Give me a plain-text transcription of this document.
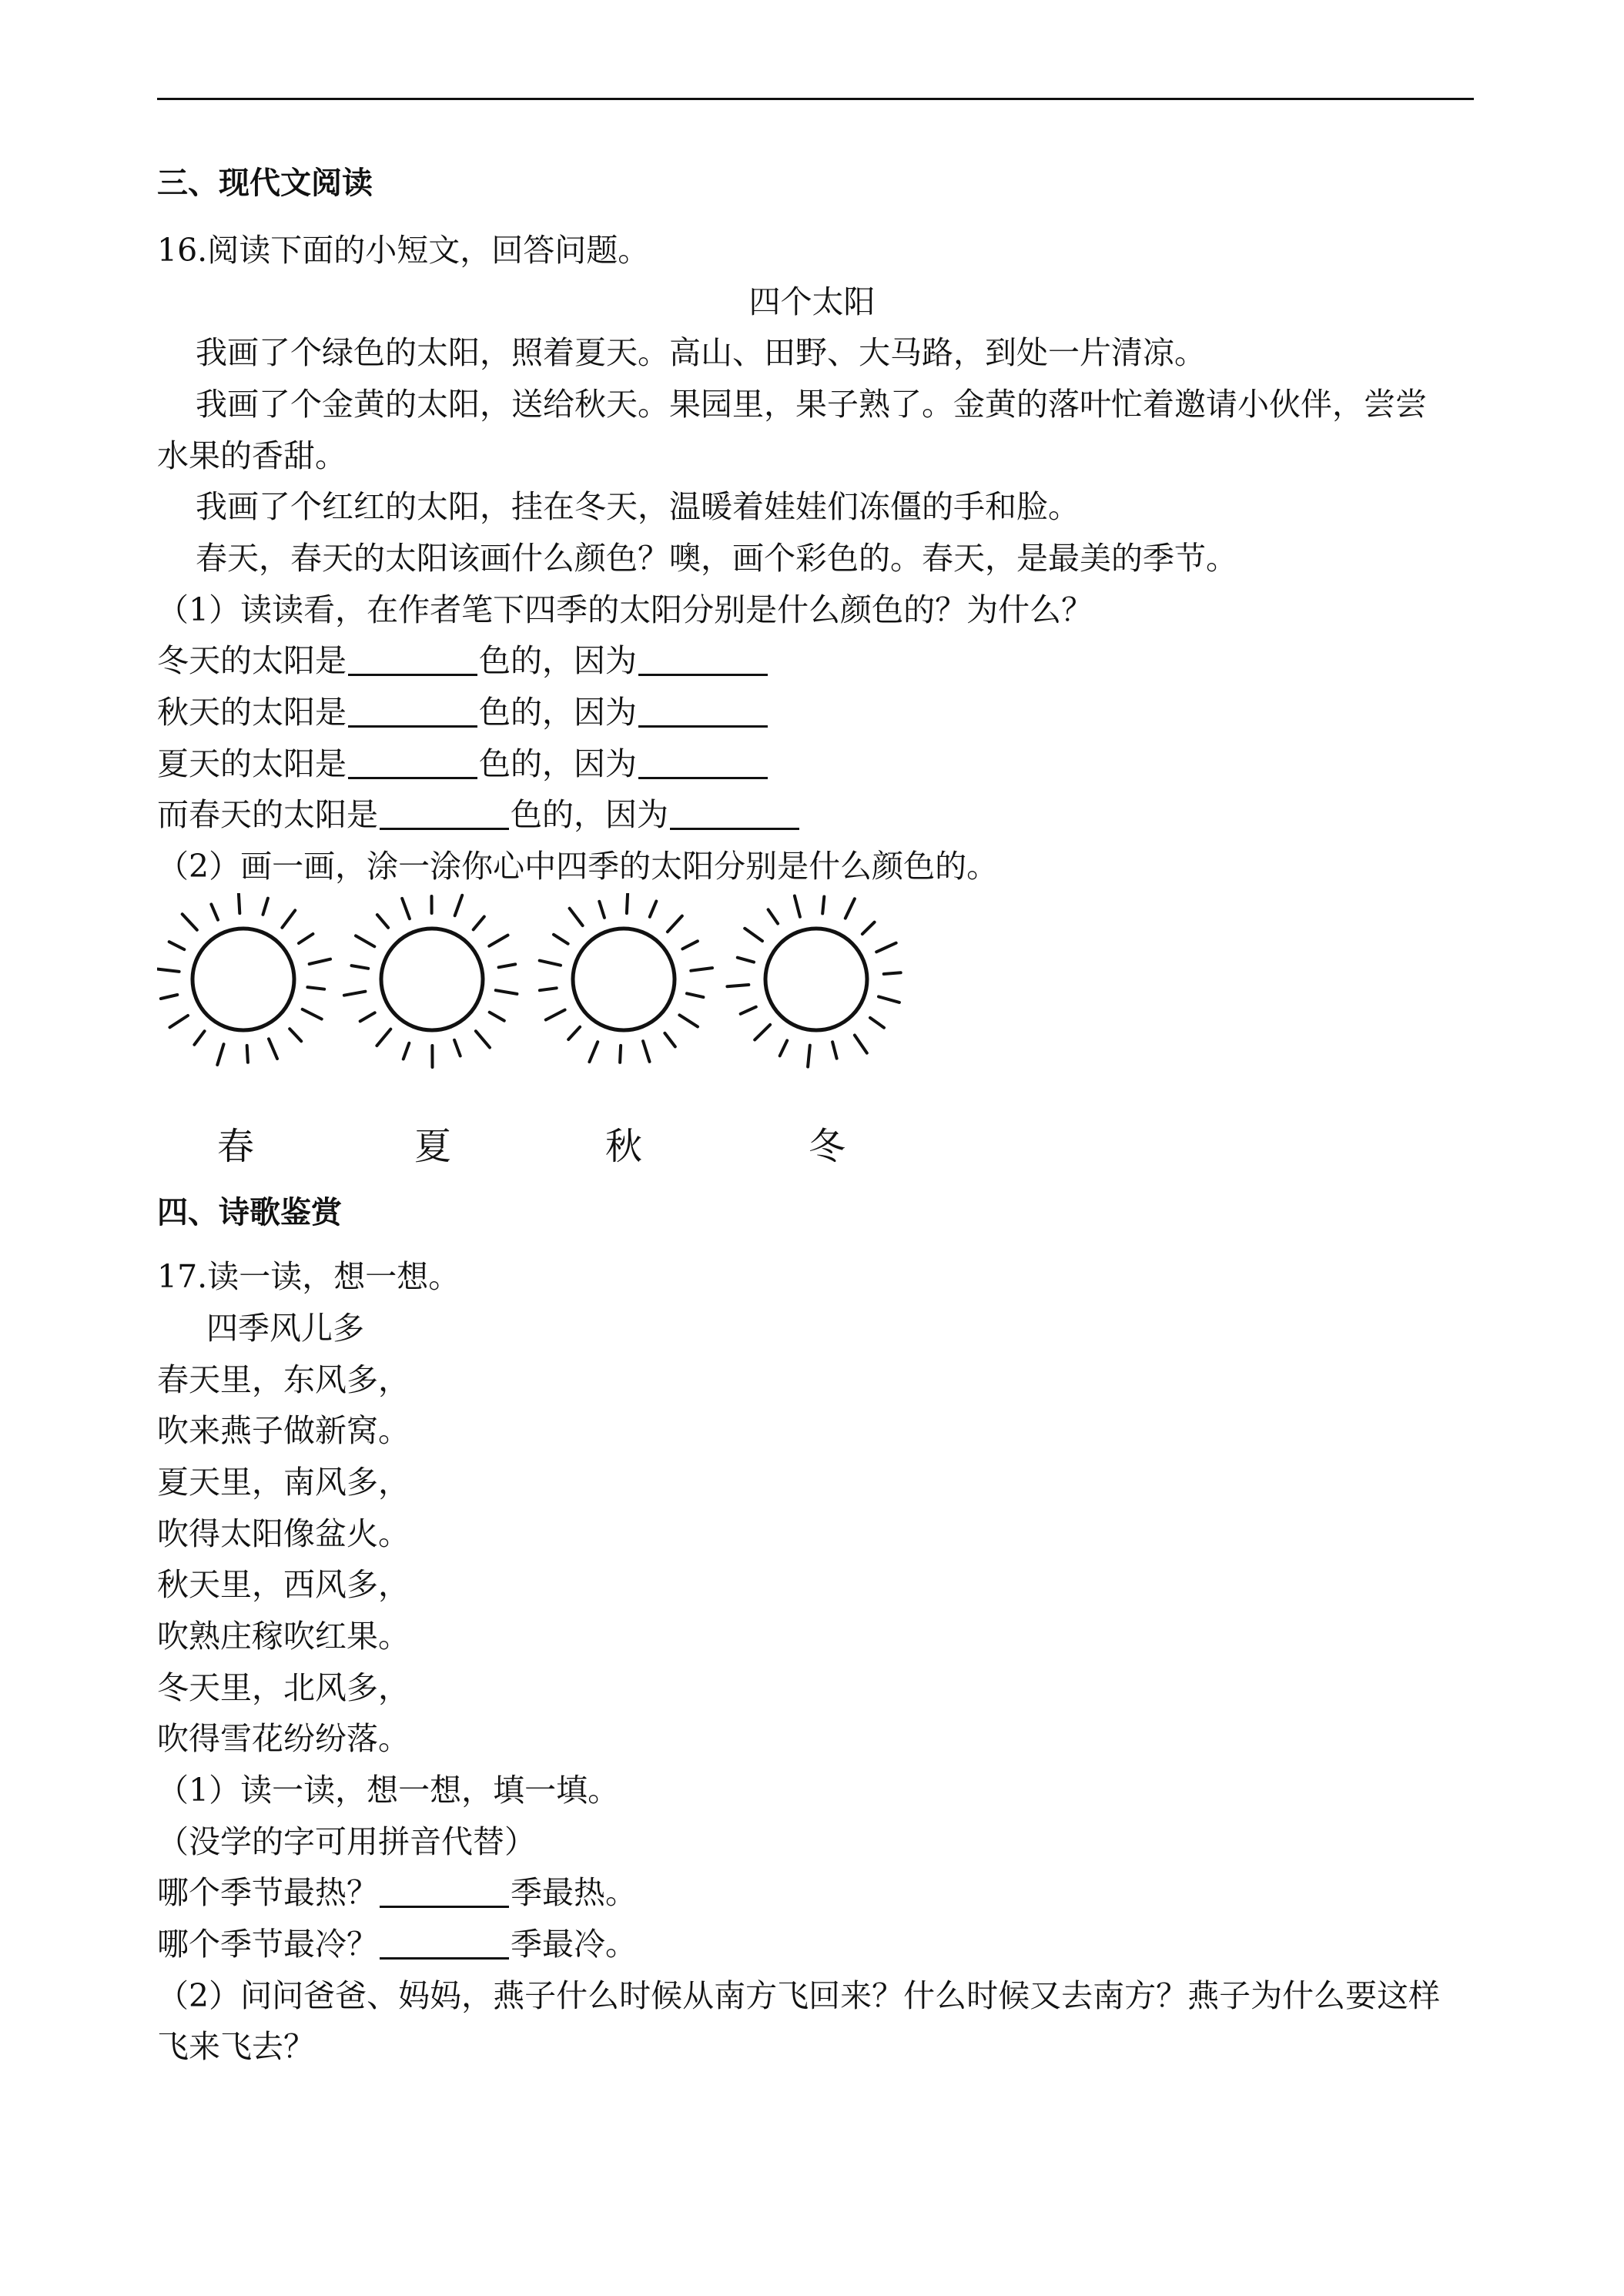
三、现代文阅读
16.阅读下面的小短文，回答问题。
四个太阳
我画了个绿色的太阳，照着夏天。高山、田野、大马路，到处一片清凉。
我画了个金黄的太阳，送给秋天。果园里，果子熟了。金黄的落叶忙着邀请小伙伴，尝尝
水果的香甜。
我画了个红红的太阳，挂在冬天，温暖着娃娃们冻僵的手和脸。
春天，春天的太阳该画什么颜色？噢，画个彩色的。春天，是最美的季节。
（1）读读看，在作者笔下四季的太阳分别是什么颜色的？为什么？
冬天的太阳是	色的，因为
秋天的太阳是	色的，因为
夏天的太阳是	色的，因为
而春天的太阳是	色的，因为
（2）画一画，涂一涂你心中四季的太阳分别是什么颜色的。
春	夏	秋	冬
四、诗歌鉴赏
17.读一读，想一想。
四季风儿多
春天里，东风多，
吹来燕子做新窝。
夏天里，南风多，
吹得太阳像盆火。
秋天里，西风多，
吹熟庄稼吹红果。
冬天里，北风多，
吹得雪花纷纷落。
（1）读一读，想一想，填一填。
（没学的字可用拼音代替）
哪个季节最热？	季最热。
哪个季节最冷？	季最冷。
（2）问问爸爸、妈妈，燕子什么时候从南方飞回来？什么时候又去南方？燕子为什么要这样
飞来飞去？
